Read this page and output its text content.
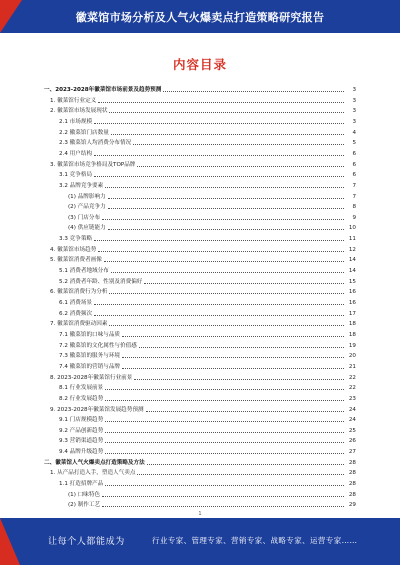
徽菜馆市场分析及人气火爆卖点打造策略研究报告
内容目录
一、2023-2028年徽菜馆市场前景及趋势预测	3
1. 徽菜馆行业定义	3
2. 徽菜馆市场发展现状	3
2.1 市场规模	3
2.2 徽菜馆门店数量	4
2.3 徽菜馆人均消费分布情况	5
2.4 用户结构	6
3. 徽菜馆市场竞争格局及TOP品牌	6
3.1 竞争格局	6
3.2 品牌竞争要素	7
(1) 品牌影响力	7
(2) 产品竞争力	8
(3) 门店分布	9
(4) 供应链能力	10
3.3 竞争策略	11
4. 徽菜馆市场趋势	12
5. 徽菜馆消费者画像	14
5.1 消费者地域分布	14
5.2 消费者年龄、性别及消费偏好	15
6. 徽菜馆消费行为分析	16
6.1 消费场景	16
6.2 消费频次	17
7. 徽菜馆消费驱动因素	18
7.1 徽菜馆的口味与品质	18
7.2 徽菜馆的文化属性与价值感	19
7.3 徽菜馆的服务与环境	20
7.4 徽菜馆的营销与品牌	21
8. 2023-2028年徽菜馆行业前景	22
8.1 行业发展前景	22
8.2 行业发展趋势	23
9. 2023-2028年徽菜馆发展趋势预测	24
9.1 门店规模趋势	24
9.2 产品创新趋势	25
9.3 营销渠道趋势	26
9.4 品牌升级趋势	27
二、徽菜馆人气火爆卖点打造策略及方法	28
1. 从产品打造入手，塑造人气卖点	28
1.1 打造招牌产品	28
(1) 口味特色	28
(2) 制作工艺	29
1
让每个人都能成为	行业专家、管理专家、营销专家、战略专家、运营专家……
